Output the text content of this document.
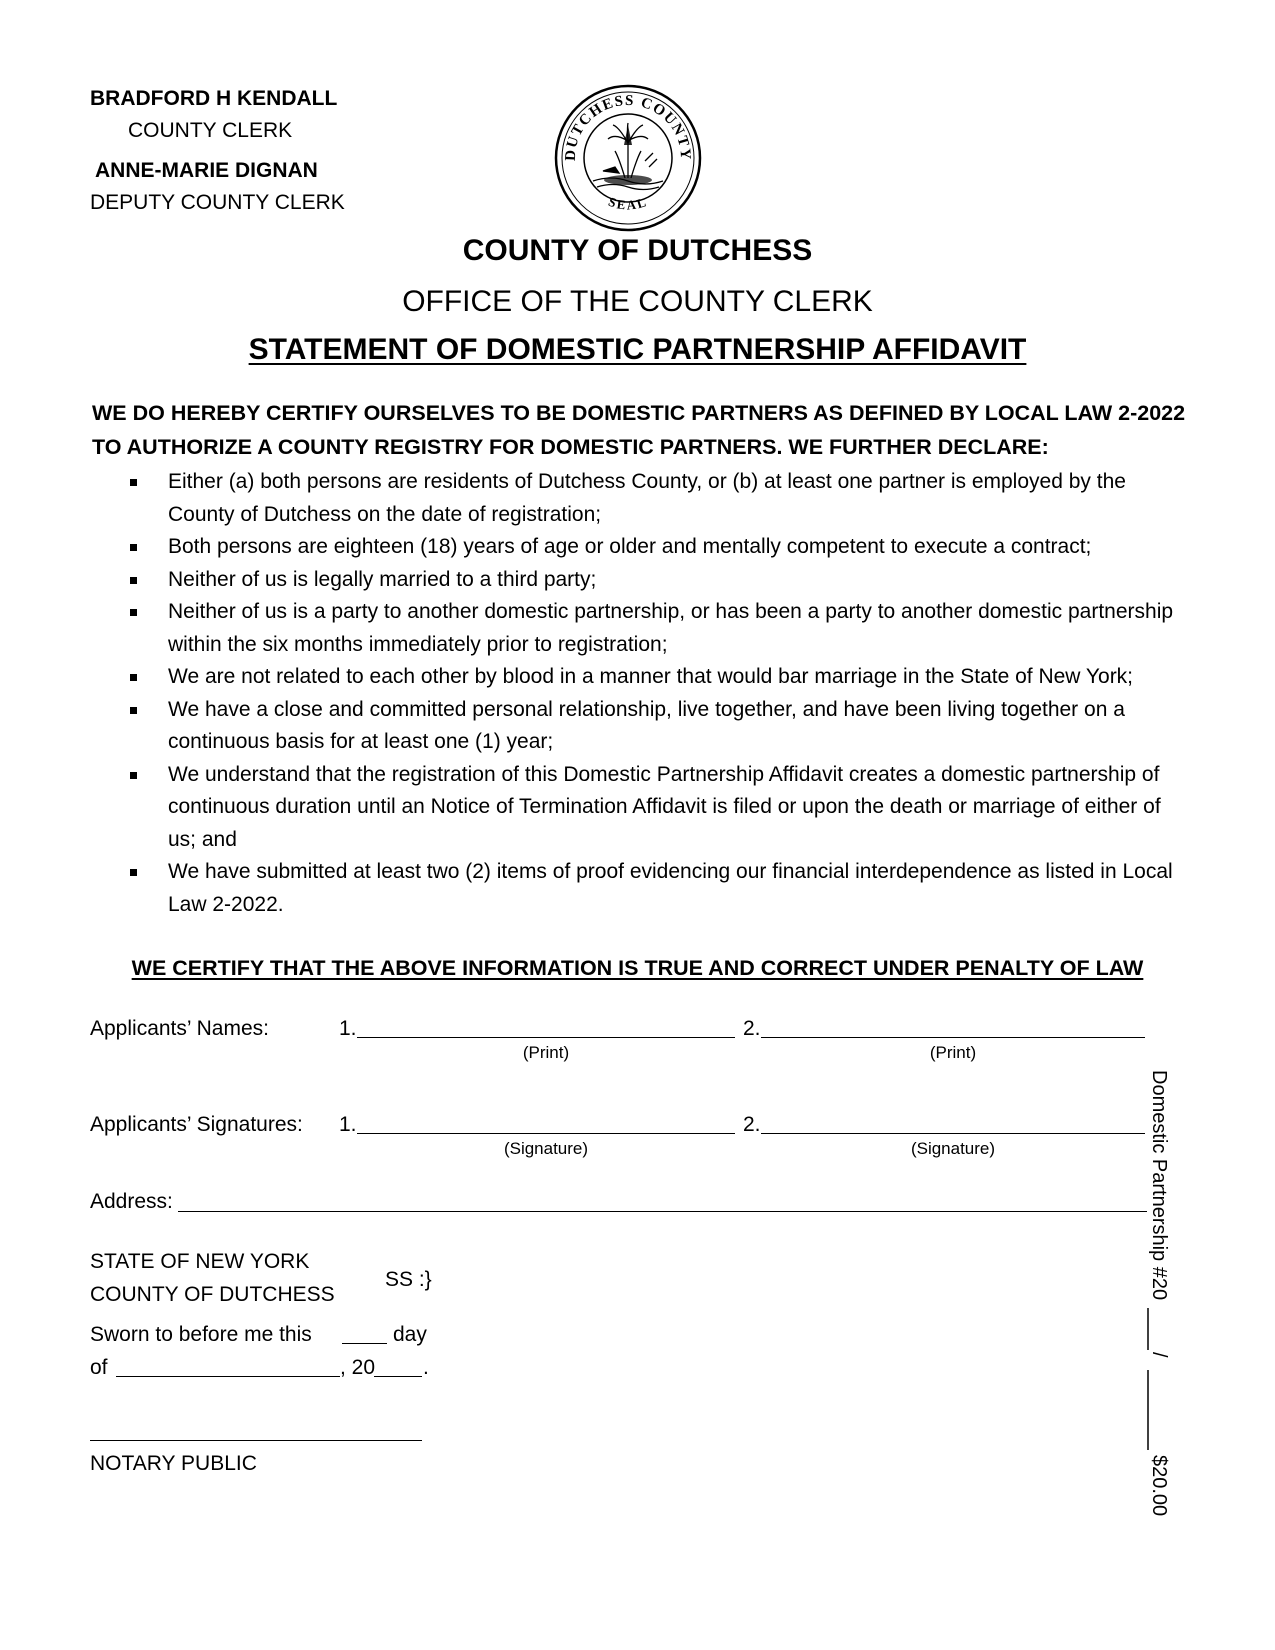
BRADFORD H KENDALL
COUNTY CLERK
ANNE-MARIE DIGNAN
DEPUTY COUNTY CLERK
DUTCHESS COUNTY
SEAL
COUNTY OF DUTCHESS
OFFICE OF THE COUNTY CLERK
STATEMENT OF DOMESTIC PARTNERSHIP AFFIDAVIT
WE DO HEREBY CERTIFY OURSELVES TO BE DOMESTIC PARTNERS AS DEFINED BY LOCAL LAW 2-2022 TO AUTHORIZE A COUNTY REGISTRY FOR DOMESTIC PARTNERS. WE FURTHER DECLARE:
Either (a) both persons are residents of Dutchess County, or (b) at least one partner is employed by the County of Dutchess on the date of registration;
Both persons are eighteen (18) years of age or older and mentally competent to execute a contract;
Neither of us is legally married to a third party;
Neither of us is a party to another domestic partnership, or has been a party to another domestic partnership within the six months immediately prior to registration;
We are not related to each other by blood in a manner that would bar marriage in the State of New York;
We have a close and committed personal relationship, live together, and have been living together on a continuous basis for at least one (1) year;
We understand that the registration of this Domestic Partnership Affidavit creates a domestic partnership of continuous duration until an Notice of Termination Affidavit is filed or upon the death or marriage of either of us; and
We have submitted at least two (2) items of proof evidencing our financial interdependence as listed in Local Law 2-2022.
WE CERTIFY THAT THE ABOVE INFORMATION IS TRUE AND CORRECT UNDER PENALTY OF LAW
Applicants’ Names:	1.
(Print)
2.
(Print)
Applicants’ Signatures: 1.
(Signature)
2.
(Signature)
Address:
STATE OF NEW YORK
COUNTY OF DUTCHESS
SS :}
Sworn to before me this	day
of	, 20 .
NOTARY PUBLIC
Domestic Partnership #20
/
$20.00
